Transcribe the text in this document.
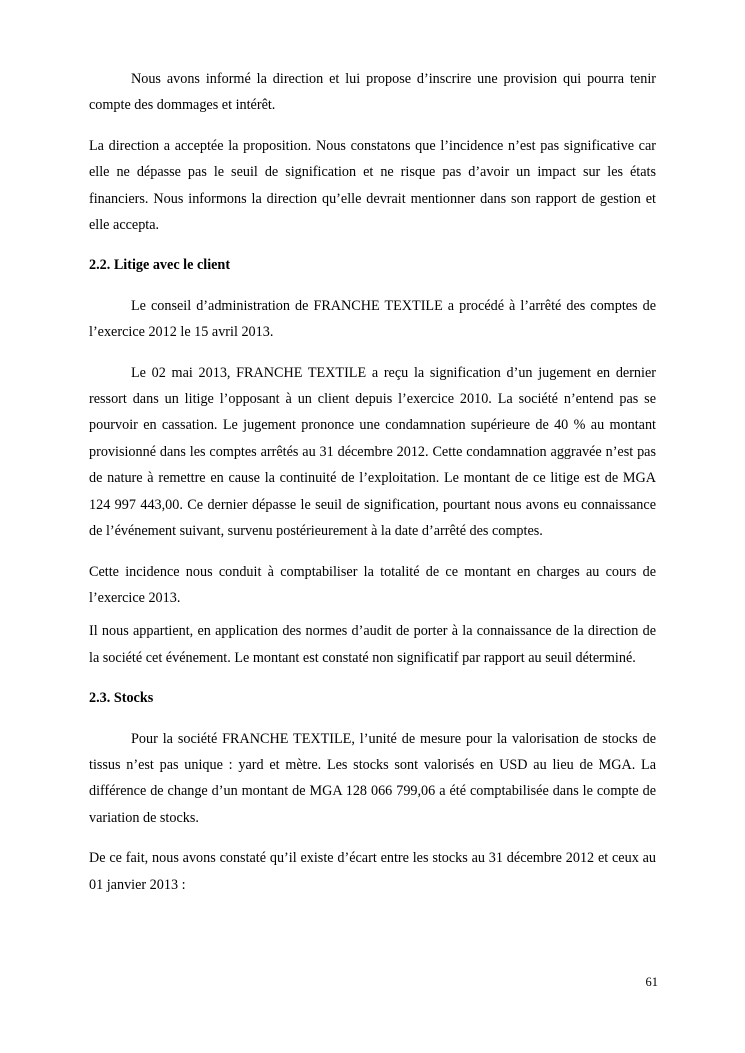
Nous avons informé la direction et lui propose d’inscrire une provision qui pourra tenir compte des dommages et intérêt.

La direction a acceptée la proposition. Nous constatons que l’incidence n’est pas significative car elle ne dépasse pas le seuil de signification et ne risque pas d’avoir un impact sur les états financiers. Nous informons la direction qu’elle devrait mentionner dans son rapport de gestion et elle accepta.

2.2. Litige avec le client

Le conseil d’administration de FRANCHE TEXTILE a procédé à l’arrêté des comptes de l’exercice 2012 le 15 avril 2013.

Le 02 mai 2013, FRANCHE TEXTILE a reçu la signification d’un jugement en dernier ressort dans un litige l’opposant à un client depuis l’exercice 2010. La société n’entend pas se pourvoir en cassation. Le jugement prononce une condamnation supérieure de 40 % au montant provisionné dans les comptes arrêtés au 31 décembre 2012. Cette condamnation aggravée n’est pas de nature à remettre en cause la continuité de l’exploitation. Le montant de ce litige est de MGA 124 997 443,00. Ce dernier dépasse le seuil de signification, pourtant nous avons eu connaissance de l’événement suivant, survenu postérieurement à la date d’arrêté des comptes.

Cette incidence nous conduit à comptabiliser la totalité de ce montant en charges au cours de l’exercice 2013.

Il nous appartient, en application des normes d’audit de porter à la connaissance de la direction de la société cet événement. Le montant est constaté non significatif par rapport au seuil déterminé.

2.3. Stocks

Pour la société FRANCHE TEXTILE, l’unité de mesure pour la valorisation de stocks de tissus n’est pas unique : yard et mètre. Les stocks sont valorisés en USD au lieu de MGA. La différence de change d’un montant de MGA 128 066 799,06 a été comptabilisée dans le compte de variation de stocks.

De ce fait, nous avons constaté qu’il existe d’écart entre les stocks au 31 décembre 2012 et ceux au 01 janvier 2013 :

61
